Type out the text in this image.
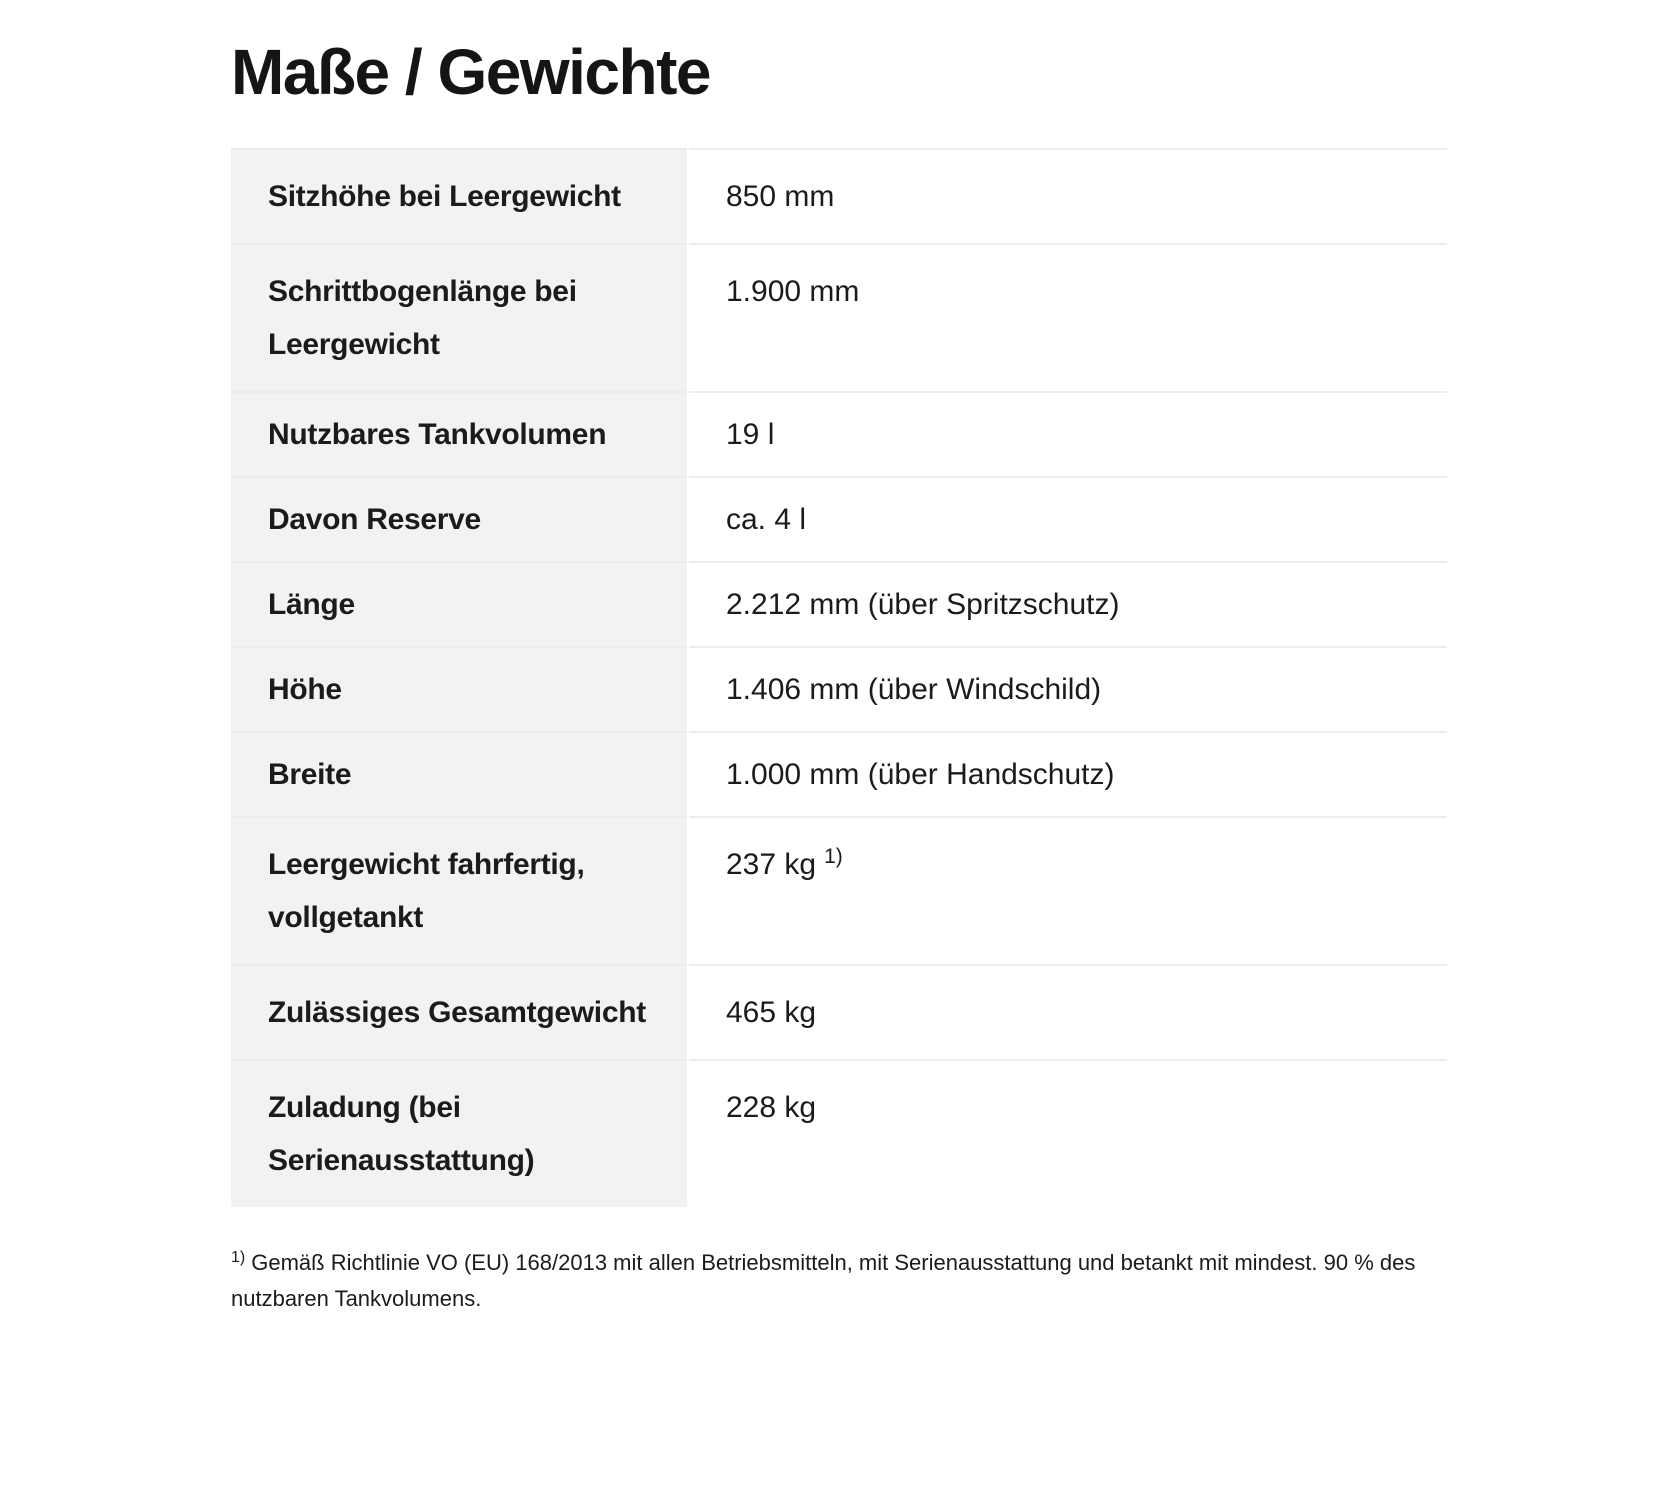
Maße / Gewichte
Sitzhöhe bei Leergewicht	850 mm
Schrittbogenlänge bei Leergewicht	1.900 mm
Nutzbares Tankvolumen	19 l
Davon Reserve	ca. 4 l
Länge	2.212 mm (über Spritzschutz)
Höhe	1.406 mm (über Windschild)
Breite	1.000 mm (über Handschutz)
Leergewicht fahrfertig, vollgetankt	237 kg $^{1)}$
Zulässiges Gesamtgewicht	465 kg
Zuladung (bei Serienausstattung)	228 kg
$^{1)}$ Gemäß Richtlinie VO (EU) 168/2013 mit allen Betriebsmitteln, mit Serienausstattung und betankt mit mindest. 90 % des nutzbaren Tankvolumens.
